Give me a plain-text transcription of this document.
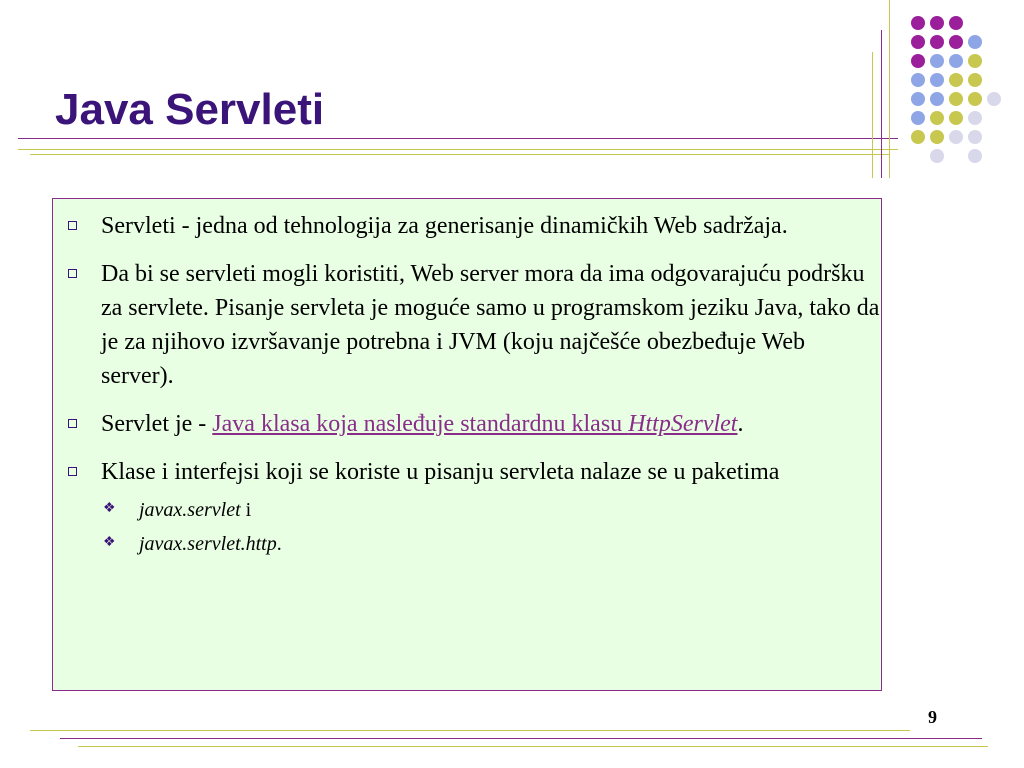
Java Servleti
Servleti - jedna od tehnologija za generisanje dinamičkih Web sadržaja.
Da bi se servleti mogli koristiti, Web server mora da ima odgovarajuću podršku za servlete. Pisanje servleta je moguće samo u programskom jeziku Java, tako da je za njihovo izvršavanje potrebna i JVM (koju najčešće obezbeđuje Web server).
Servlet je - Java klasa koja nasleđuje standardnu klasu HttpServlet.
Klase i interfejsi koji se koriste u pisanju servleta nalaze se u paketima
❖ javax.servlet i
❖ javax.servlet.http.
9
